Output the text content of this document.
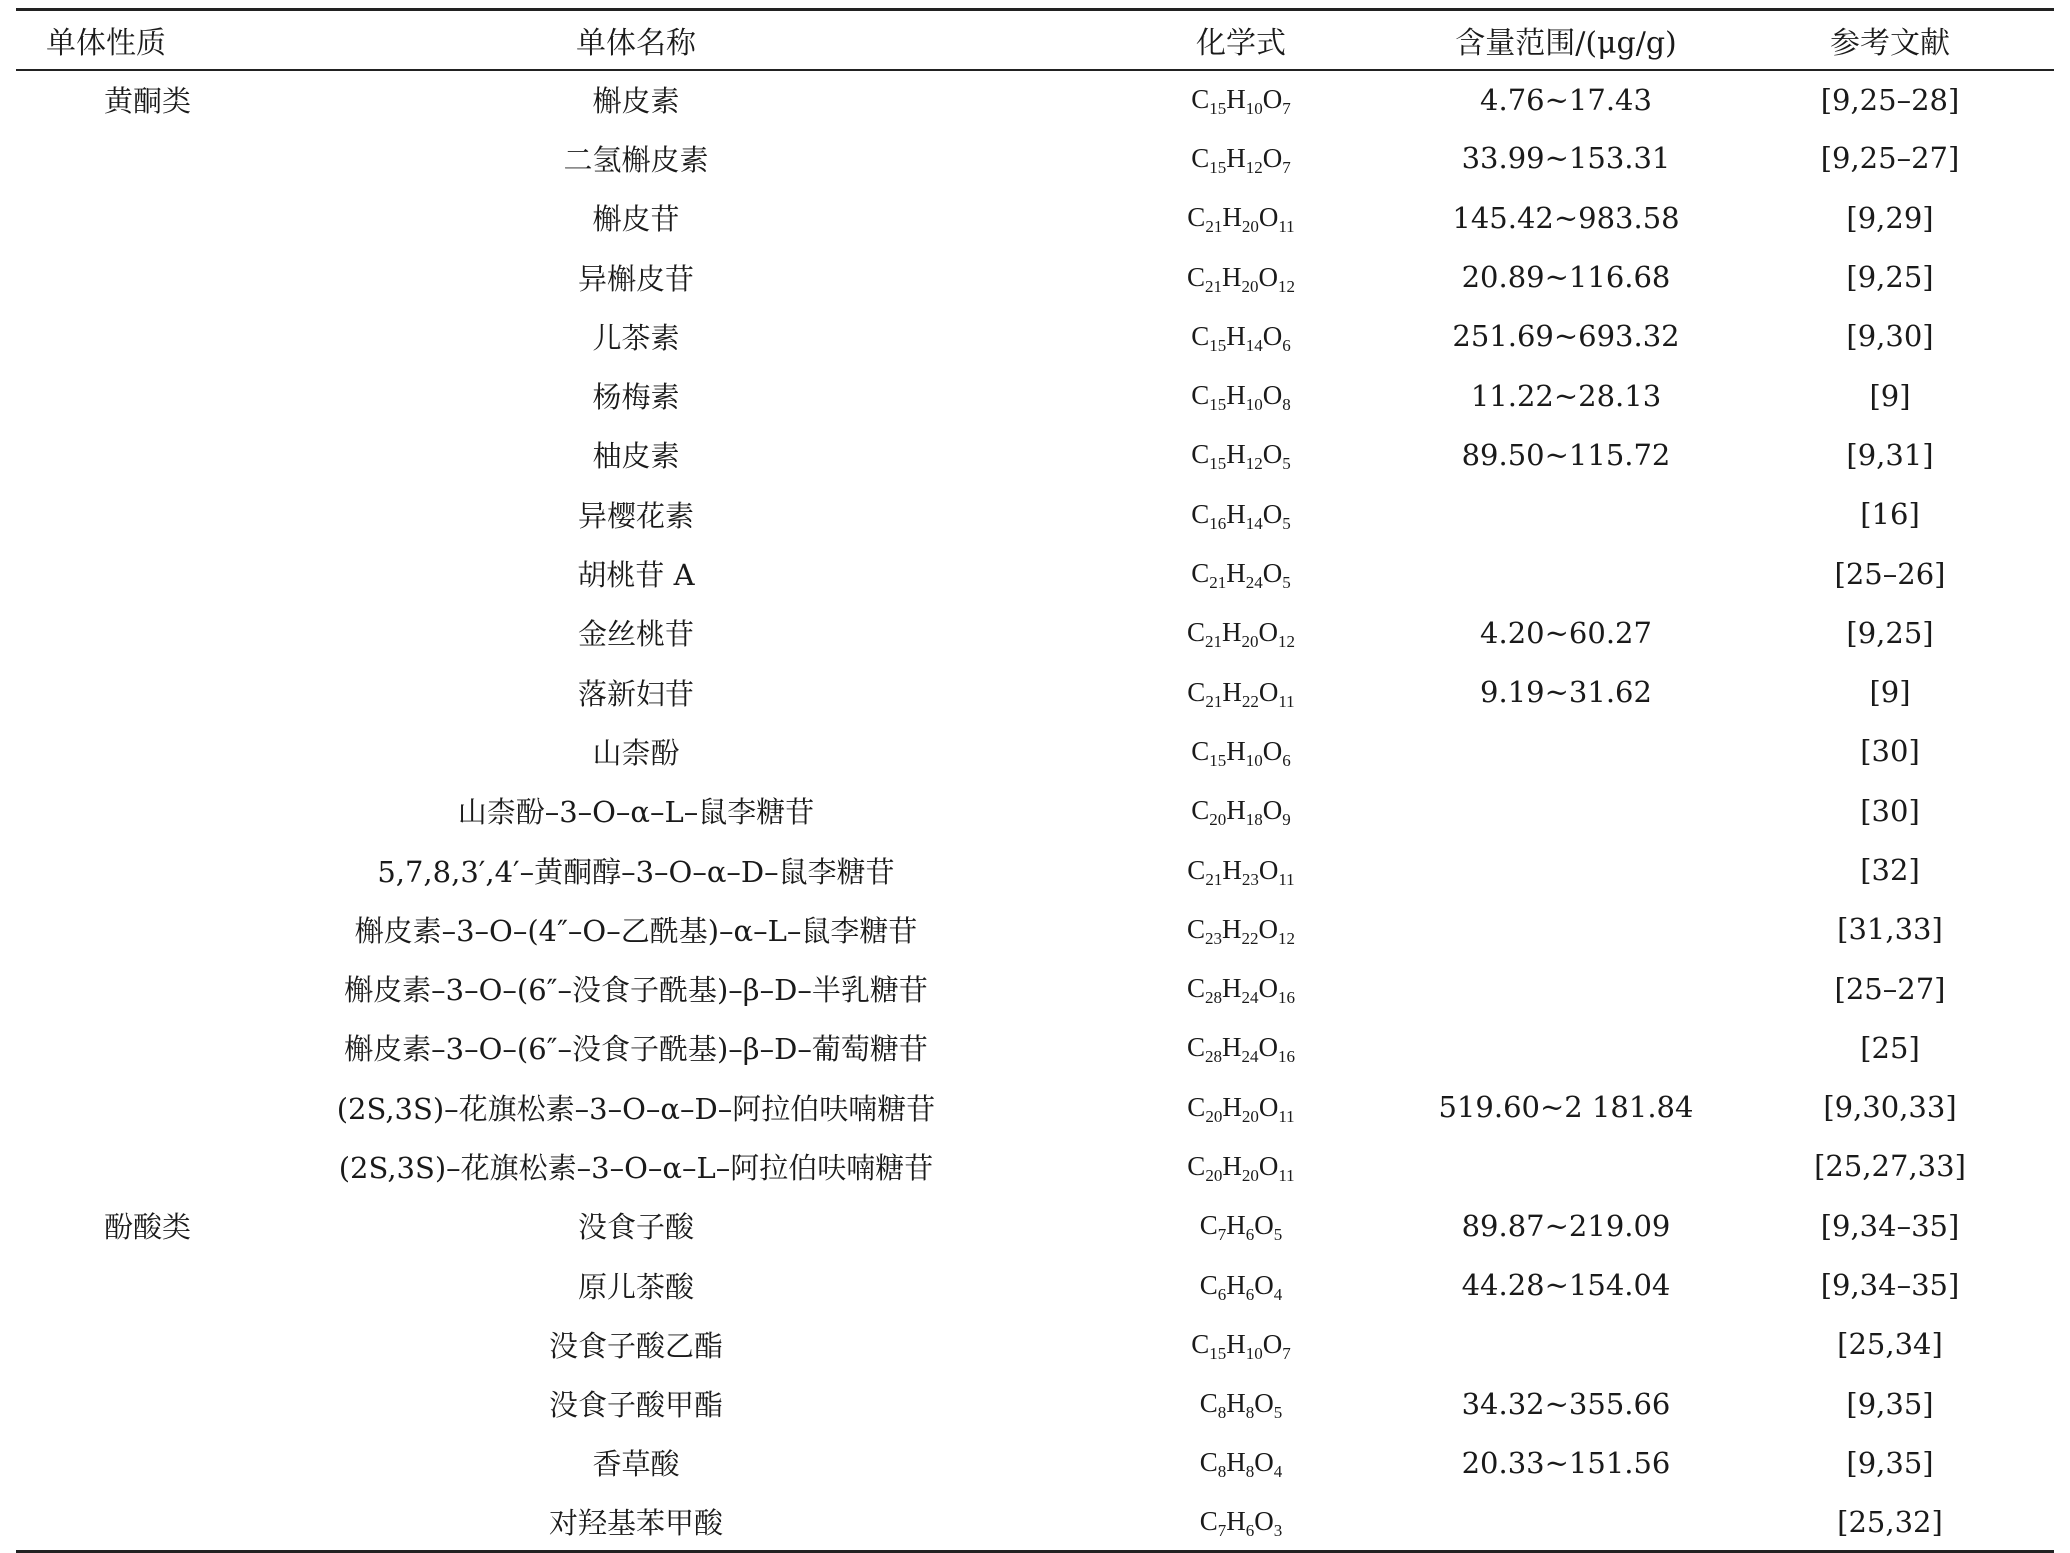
单体性质	单体名称	化学式	含量范围/(μg/g)	参考文献
黄酮类	槲皮素	$C_{15}H_{10}O_7$	4.76~17.43	[9,25–28]
	二氢槲皮素	$C_{15}H_{12}O_7$	33.99~153.31	[9,25–27]
	槲皮苷	$C_{21}H_{20}O_{11}$	145.42~983.58	[9,29]
	异槲皮苷	$C_{21}H_{20}O_{12}$	20.89~116.68	[9,25]
	儿茶素	$C_{15}H_{14}O_6$	251.69~693.32	[9,30]
	杨梅素	$C_{15}H_{10}O_8$	11.22~28.13	[9]
	柚皮素	$C_{15}H_{12}O_5$	89.50~115.72	[9,31]
	异樱花素	$C_{16}H_{14}O_5$		[16]
	胡桃苷 A	$C_{21}H_{24}O_5$		[25–26]
	金丝桃苷	$C_{21}H_{20}O_{12}$	4.20~60.27	[9,25]
	落新妇苷	$C_{21}H_{22}O_{11}$	9.19~31.62	[9]
	山柰酚	$C_{15}H_{10}O_6$		[30]
	山柰酚–3–O–α–L–鼠李糖苷	$C_{20}H_{18}O_9$		[30]
	5,7,8,3′,4′–黄酮醇–3–O–α–D–鼠李糖苷	$C_{21}H_{23}O_{11}$		[32]
	槲皮素–3–O–(4″–O–乙酰基)–α–L–鼠李糖苷	$C_{23}H_{22}O_{12}$		[31,33]
	槲皮素–3–O–(6″–没食子酰基)–β–D–半乳糖苷	$C_{28}H_{24}O_{16}$		[25–27]
	槲皮素–3–O–(6″–没食子酰基)–β–D–葡萄糖苷	$C_{28}H_{24}O_{16}$		[25]
	(2S,3S)–花旗松素–3–O–α–D–阿拉伯呋喃糖苷	$C_{20}H_{20}O_{11}$	519.60~2 181.84	[9,30,33]
	(2S,3S)–花旗松素–3–O–α–L–阿拉伯呋喃糖苷	$C_{20}H_{20}O_{11}$		[25,27,33]
酚酸类	没食子酸	$C_7H_6O_5$	89.87~219.09	[9,34–35]
	原儿茶酸	$C_6H_6O_4$	44.28~154.04	[9,34–35]
	没食子酸乙酯	$C_{15}H_{10}O_7$		[25,34]
	没食子酸甲酯	$C_8H_8O_5$	34.32~355.66	[9,35]
	香草酸	$C_8H_8O_4$	20.33~151.56	[9,35]
	对羟基苯甲酸	$C_7H_6O_3$		[25,32]
